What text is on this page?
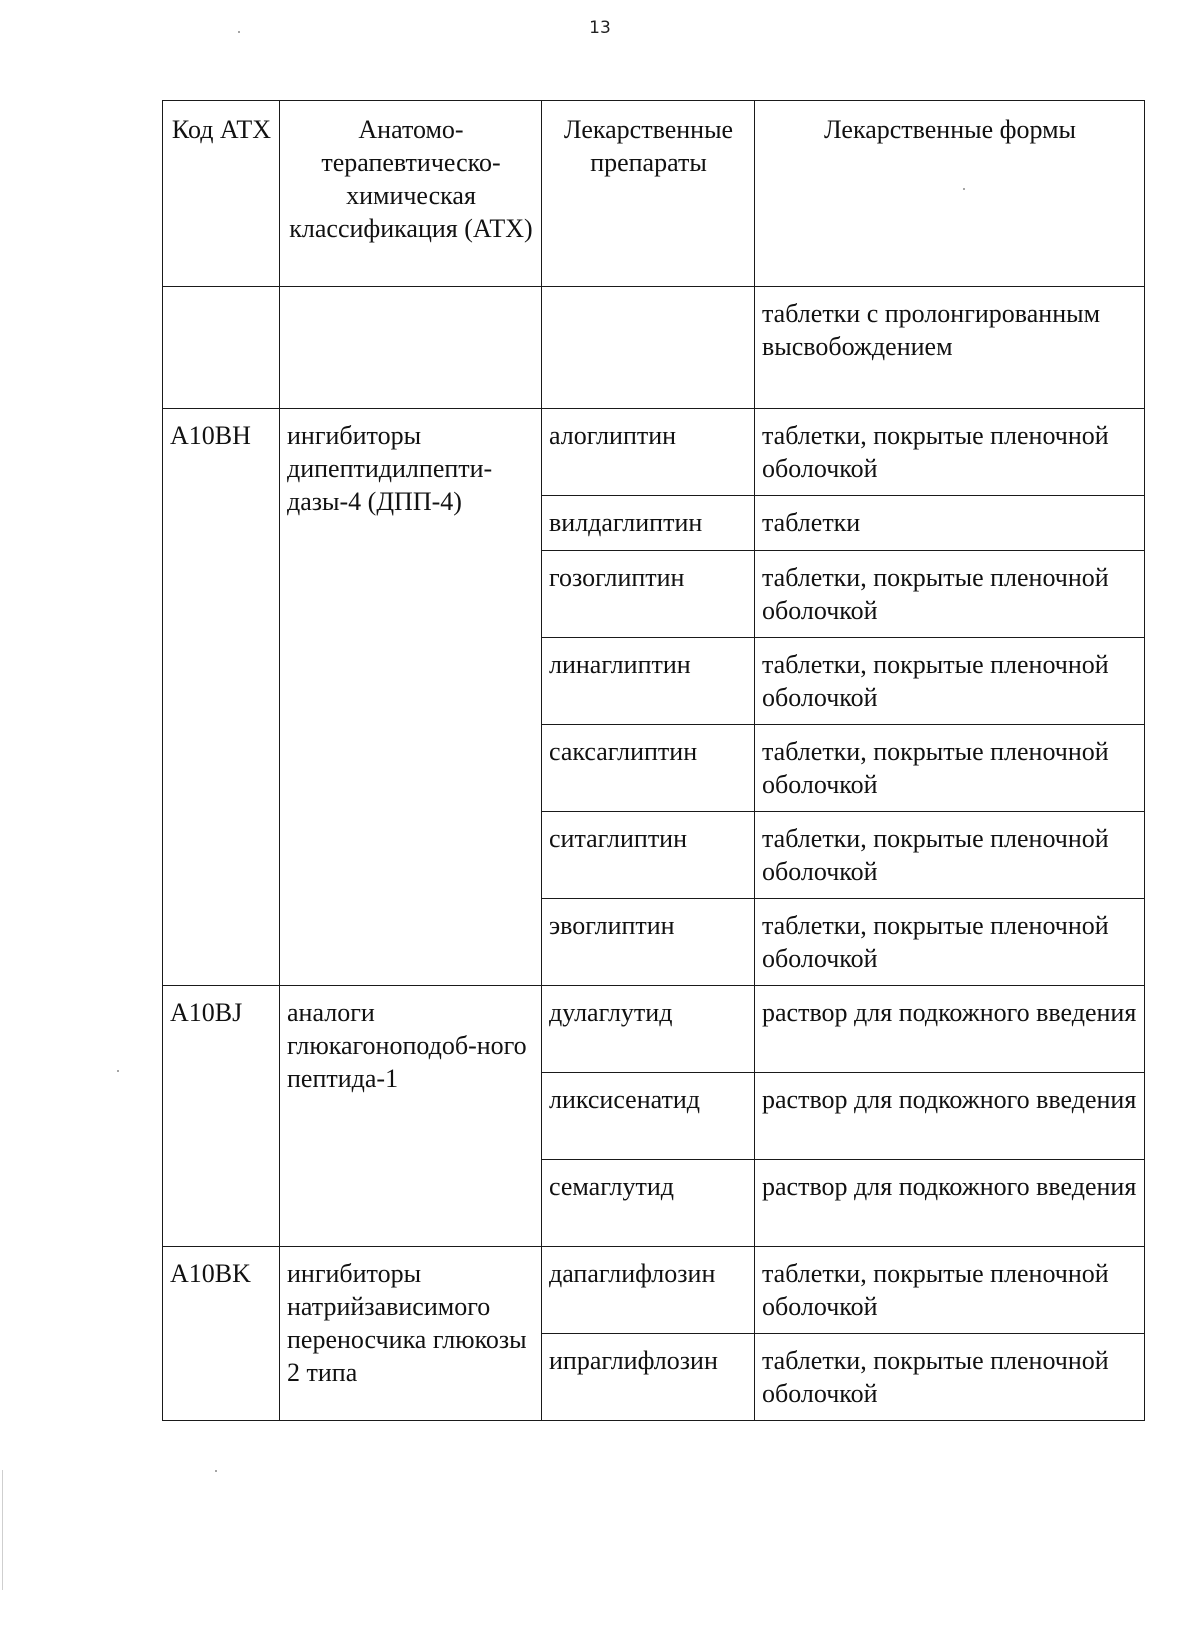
13
Код АТХ	Анатомо-терапевтическо-химическая классификация (АТХ)	Лекарственные препараты	Лекарственные формы
			таблетки с пролонгированным высвобождением
A10BH	ингибиторы дипептидилпепти-дазы-4 (ДПП-4)	алоглиптин	таблетки, покрытые пленочной оболочкой
		вилдаглиптин	таблетки
		гозоглиптин	таблетки, покрытые пленочной оболочкой
		линаглиптин	таблетки, покрытые пленочной оболочкой
		саксаглиптин	таблетки, покрытые пленочной оболочкой
		ситаглиптин	таблетки, покрытые пленочной оболочкой
		эвоглиптин	таблетки, покрытые пленочной оболочкой
A10BJ	аналоги глюкагоноподоб-ного пептида-1	дулаглутид	раствор для подкожного введения
		ликсисенатид	раствор для подкожного введения
		семаглутид	раствор для подкожного введения
A10BK	ингибиторы натрийзависимого переносчика глюкозы 2 типа	дапаглифлозин	таблетки, покрытые пленочной оболочкой
		ипраглифлозин	таблетки, покрытые пленочной оболочкой
